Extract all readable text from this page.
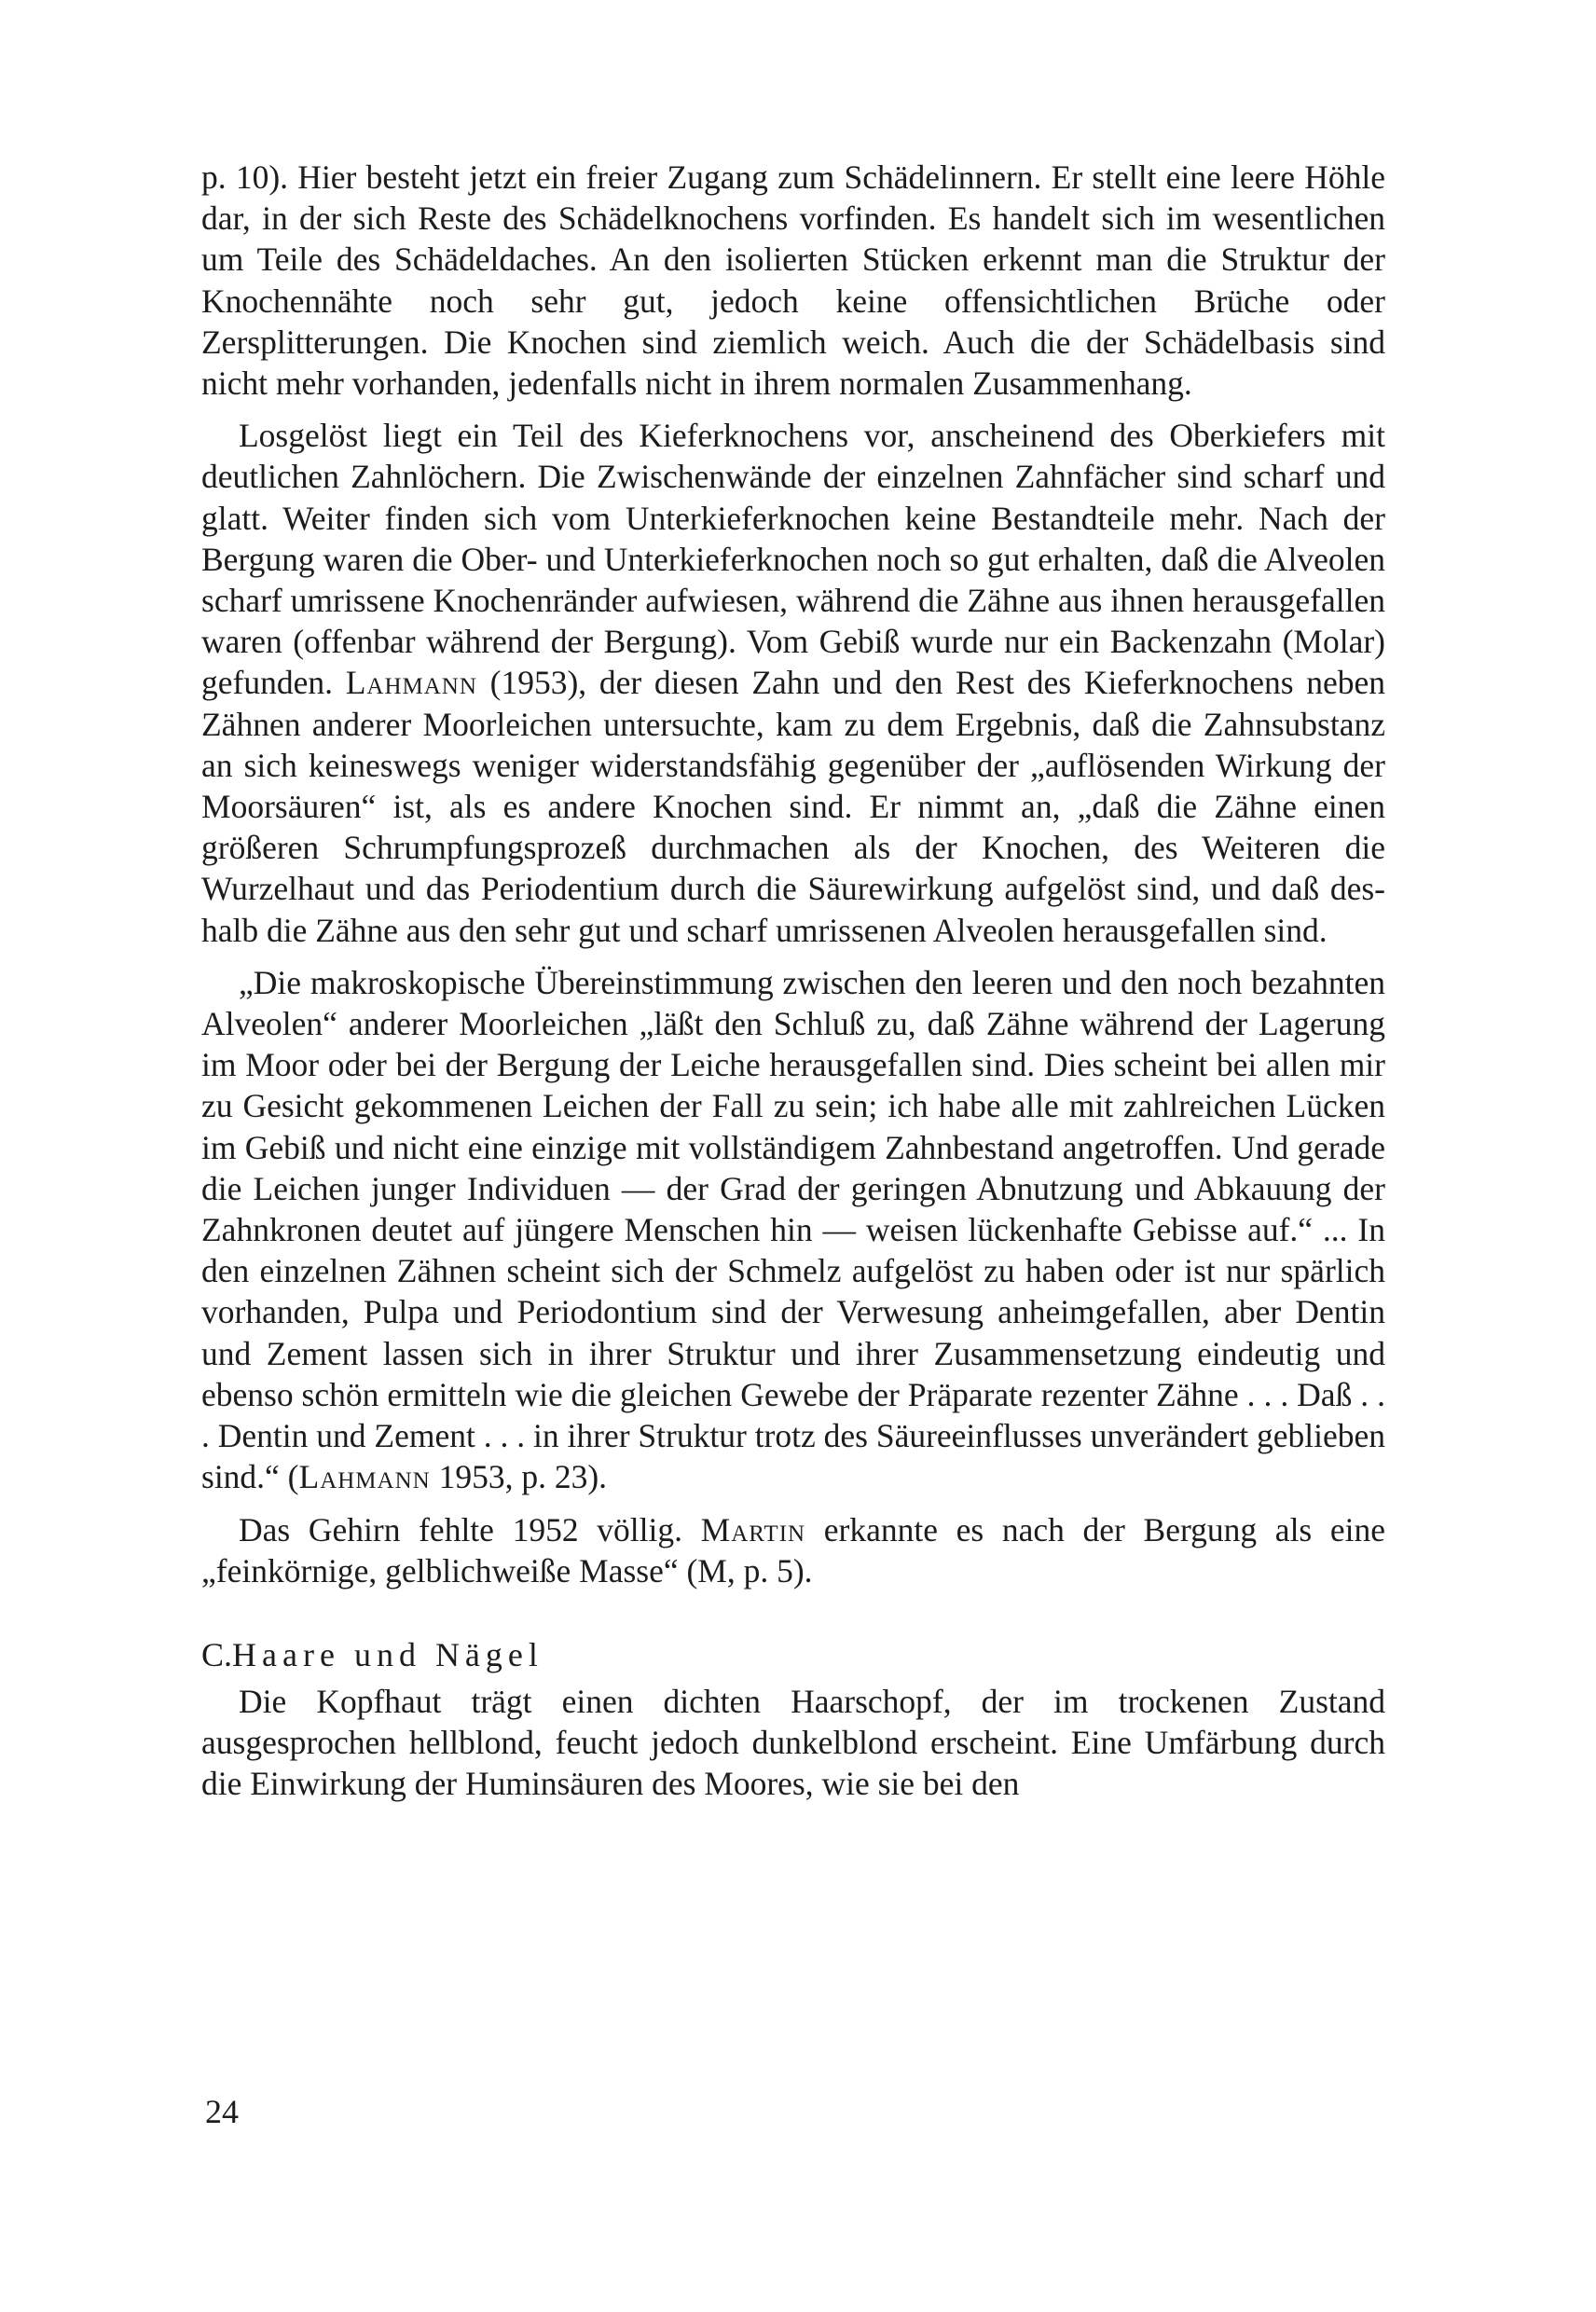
p. 10). Hier besteht jetzt ein freier Zugang zum Schädelinnern. Er stellt eine leere Höhle dar, in der sich Reste des Schädelknochens vorfinden. Es handelt sich im wesentlichen um Teile des Schädeldaches. An den isolierten Stücken erkennt man die Struktur der Knochennähte noch sehr gut, jedoch keine offensichtlichen Brüche oder Zersplitterungen. Die Knochen sind ziemlich weich. Auch die der Schädelbasis sind nicht mehr vorhanden, jedenfalls nicht in ihrem normalen Zusammenhang.

Losgelöst liegt ein Teil des Kieferknochens vor, anscheinend des Oberkiefers mit deutlichen Zahnlöchern. Die Zwischenwände der einzelnen Zahnfächer sind scharf und glatt. Weiter finden sich vom Unterkieferknochen keine Bestandteile mehr. Nach der Bergung waren die Ober- und Unterkieferknochen noch so gut erhalten, daß die Alveolen scharf umrissene Knochenränder aufwiesen, während die Zähne aus ihnen herausgefallen waren (offenbar während der Bergung). Vom Gebiß wurde nur ein Backenzahn (Molar) gefunden. Lahmann (1953), der diesen Zahn und den Rest des Kieferknochens neben Zähnen anderer Moorleichen untersuchte, kam zu dem Ergebnis, daß die Zahnsubstanz an sich keineswegs weniger widerstandsfähig gegenüber der „auflösenden Wirkung der Moorsäuren“ ist, als es andere Knochen sind. Er nimmt an, „daß die Zähne einen größeren Schrumpfungsprozeß durchmachen als der Knochen, des Weiteren die Wurzelhaut und das Periodentium durch die Säurewirkung aufgelöst sind, und daß deshalb die Zähne aus den sehr gut und scharf umrissenen Alveolen herausgefallen sind.

„Die makroskopische Übereinstimmung zwischen den leeren und den noch bezahnten Alveolen“ anderer Moorleichen „läßt den Schluß zu, daß Zähne während der Lagerung im Moor oder bei der Bergung der Leiche herausgefallen sind. Dies scheint bei allen mir zu Gesicht gekommenen Leichen der Fall zu sein; ich habe alle mit zahlreichen Lücken im Gebiß und nicht eine einzige mit vollständigem Zahnbestand angetroffen. Und gerade die Leichen junger Individuen — der Grad der geringen Abnutzung und Abkauung der Zahnkronen deutet auf jüngere Menschen hin — weisen lückenhafte Gebisse auf.“ ... In den einzelnen Zähnen scheint sich der Schmelz aufgelöst zu haben oder ist nur spärlich vorhanden, Pulpa und Periodontium sind der Verwesung anheimgefallen, aber Dentin und Zement lassen sich in ihrer Struktur und ihrer Zusammensetzung eindeutig und ebenso schön ermitteln wie die gleichen Gewebe der Präparate rezenter Zähne . . . Daß . . . Dentin und Zement . . . in ihrer Struktur trotz des Säureeinflusses unverändert geblieben sind.“ (Lahmann 1953, p. 23).

Das Gehirn fehlte 1952 völlig. Martin erkannte es nach der Bergung als eine „feinkörnige, gelblichweiße Masse“ (M, p. 5).

C.Haare und Nägel

Die Kopfhaut trägt einen dichten Haarschopf, der im trockenen Zustand ausgesprochen hellblond, feucht jedoch dunkelblond erscheint. Eine Umfärbung durch die Einwirkung der Huminsäuren des Moores, wie sie bei den

24
